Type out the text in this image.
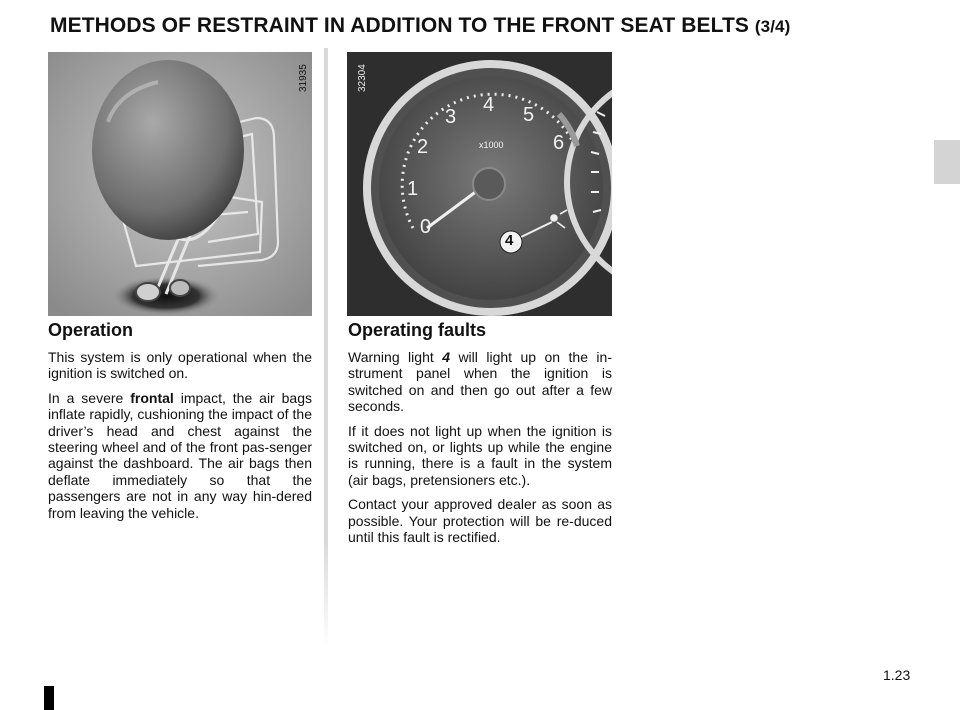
METHODS OF RESTRAINT IN ADDITION TO THE FRONT SEAT BELTS (3/4)
31935	32304
0
1
2
3
4 5
6
x1000
4
Operation

This system is only operational when the ignition is switched on.

In a severe frontal impact, the air bags inflate rapidly, cushioning the impact of the driver’s head and chest against the steering wheel and of the front pas-senger against the dashboard. The air bags then deflate immediately so that the passengers are not in any way hin-dered from leaving the vehicle.

Operating faults

Warning light 4 will light up on the in-strument panel when the ignition is switched on and then go out after a few seconds.

If it does not light up when the ignition is switched on, or lights up while the engine is running, there is a fault in the system (air bags, pretensioners etc.).

Contact your approved dealer as soon as possible. Your protection will be re-duced until this fault is rectified.

1.23
